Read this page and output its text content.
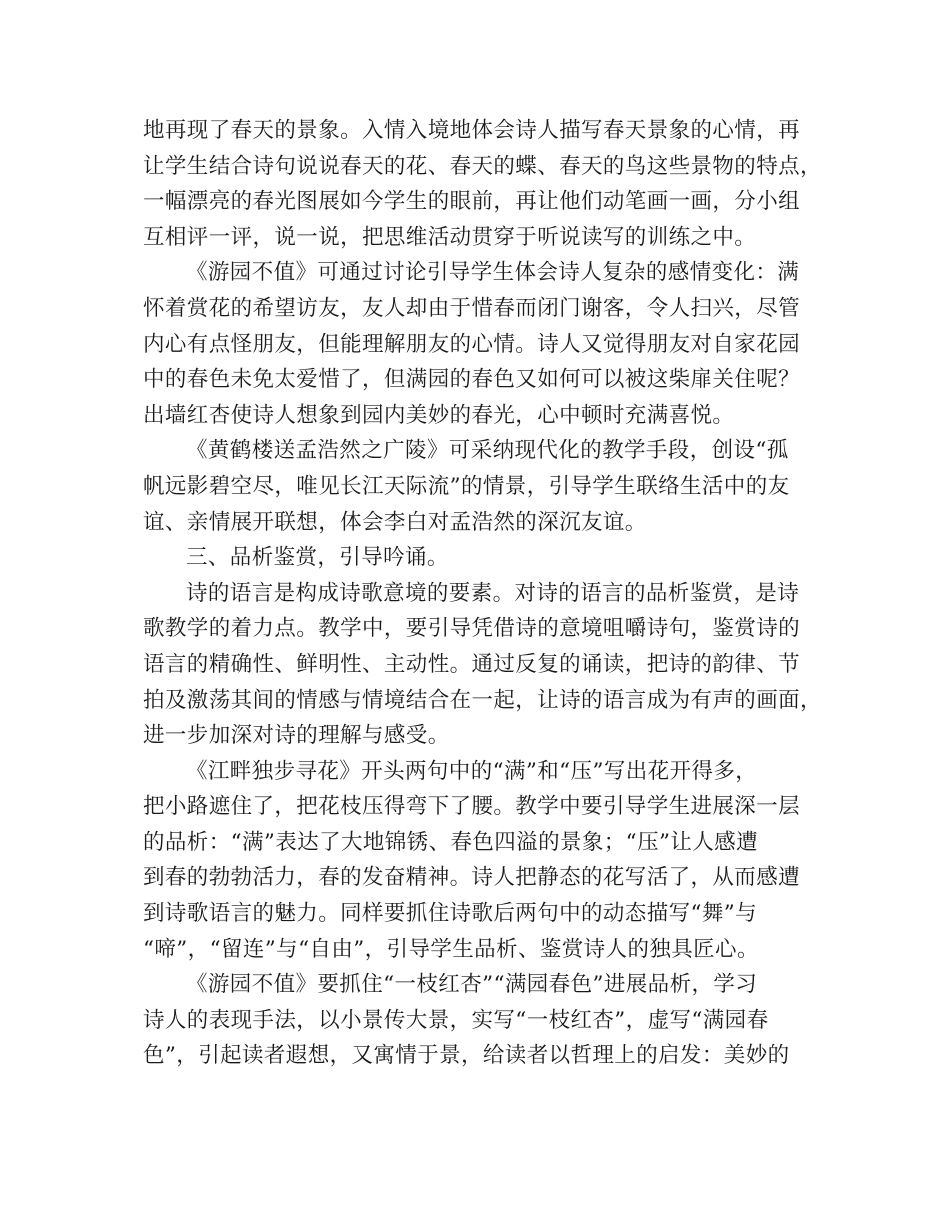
地再现了春天的景象。入情入境地体会诗人描写春天景象的心情，再
让学生结合诗句说说春天的花、春天的蝶、春天的鸟这些景物的特点，
一幅漂亮的春光图展如今学生的眼前，再让他们动笔画一画，分小组
互相评一评，说一说，把思维活动贯穿于听说读写的训练之中。
《游园不值》可通过讨论引导学生体会诗人复杂的感情变化：满
怀着赏花的希望访友，友人却由于惜春而闭门谢客，令人扫兴，尽管
内心有点怪朋友，但能理解朋友的心情。诗人又觉得朋友对自家花园
中的春色未免太爱惜了，但满园的春色又如何可以被这柴扉关住呢？
出墙红杏使诗人想象到园内美妙的春光，心中顿时充满喜悦。
《黄鹤楼送孟浩然之广陵》可采纳现代化的教学手段，创设“孤
帆远影碧空尽，唯见长江天际流”的情景，引导学生联络生活中的友
谊、亲情展开联想，体会李白对孟浩然的深沉友谊。
三、品析鉴赏，引导吟诵。
诗的语言是构成诗歌意境的要素。对诗的语言的品析鉴赏，是诗
歌教学的着力点。教学中，要引导凭借诗的意境咀嚼诗句，鉴赏诗的
语言的精确性、鲜明性、主动性。通过反复的诵读，把诗的韵律、节
拍及激荡其间的情感与情境结合在一起，让诗的语言成为有声的画面，
进一步加深对诗的理解与感受。
《江畔独步寻花》开头两句中的“满”和“压”写出花开得多，
把小路遮住了，把花枝压得弯下了腰。教学中要引导学生进展深一层
的品析：“满”表达了大地锦锈、春色四溢的景象；“压”让人感遭
到春的勃勃活力，春的发奋精神。诗人把静态的花写活了，从而感遭
到诗歌语言的魅力。同样要抓住诗歌后两句中的动态描写“舞”与
“啼”，“留连”与“自由”，引导学生品析、鉴赏诗人的独具匠心。
《游园不值》要抓住“一枝红杏”“满园春色”进展品析，学习
诗人的表现手法，以小景传大景，实写“一枝红杏”，虚写“满园春
色”，引起读者遐想，又寓情于景，给读者以哲理上的启发：美妙的
